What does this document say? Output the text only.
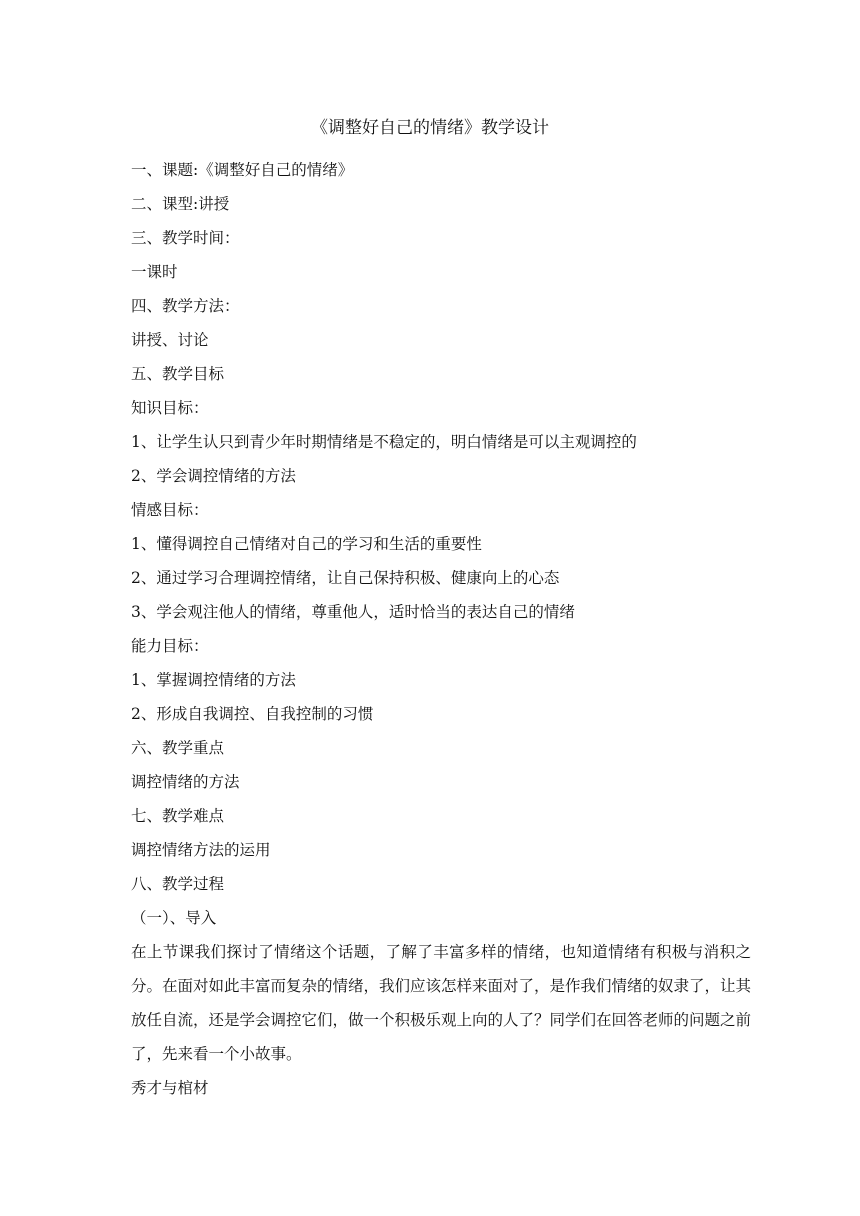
《调整好自己的情绪》教学设计
一、课题:《调整好自己的情绪》
二、课型:讲授
三、教学时间：
一课时
四、教学方法：
讲授、讨论
五、教学目标
知识目标：
1、让学生认只到青少年时期情绪是不稳定的，明白情绪是可以主观调控的
2、学会调控情绪的方法
情感目标：
1、懂得调控自己情绪对自己的学习和生活的重要性
2、通过学习合理调控情绪，让自己保持积极、健康向上的心态
3、学会观注他人的情绪，尊重他人，适时恰当的表达自己的情绪
能力目标：
1、掌握调控情绪的方法
2、形成自我调控、自我控制的习惯
六、教学重点
调控情绪的方法
七、教学难点
调控情绪方法的运用
八、教学过程
（一）、导入
在上节课我们探讨了情绪这个话题，了解了丰富多样的情绪，也知道情绪有积极与消积之分。在面对如此丰富而复杂的情绪，我们应该怎样来面对了，是作我们情绪的奴隶了，让其放任自流，还是学会调控它们，做一个积极乐观上向的人了？同学们在回答老师的问题之前了，先来看一个小故事。
秀才与棺材
